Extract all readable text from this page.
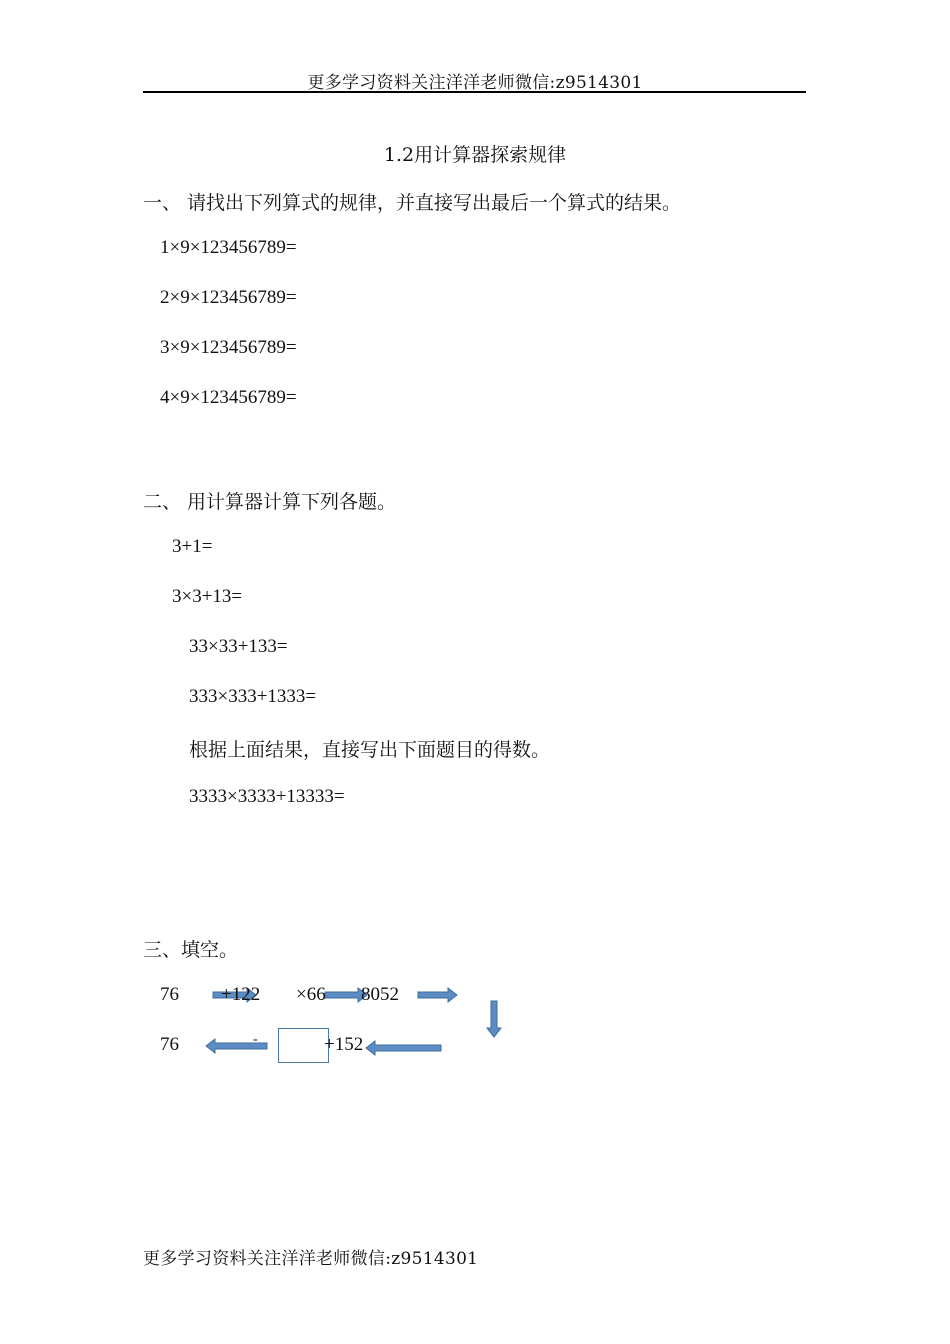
更多学习资料关注洋洋老师微信:z9514301
1.2用计算器探索规律
一、 请找出下列算式的规律，并直接写出最后一个算式的结果。
1×9×123456789=
2×9×123456789=
3×9×123456789=
4×9×123456789=
二、 用计算器计算下列各题。
3+1=
3×3+13=
33×33+133=
333×333+1333=
根据上面结果，直接写出下面题目的得数。
3333×3333+13333=
三、填空。
76 +122 ×66 8052
76	-	+152
更多学习资料关注洋洋老师微信:z9514301
